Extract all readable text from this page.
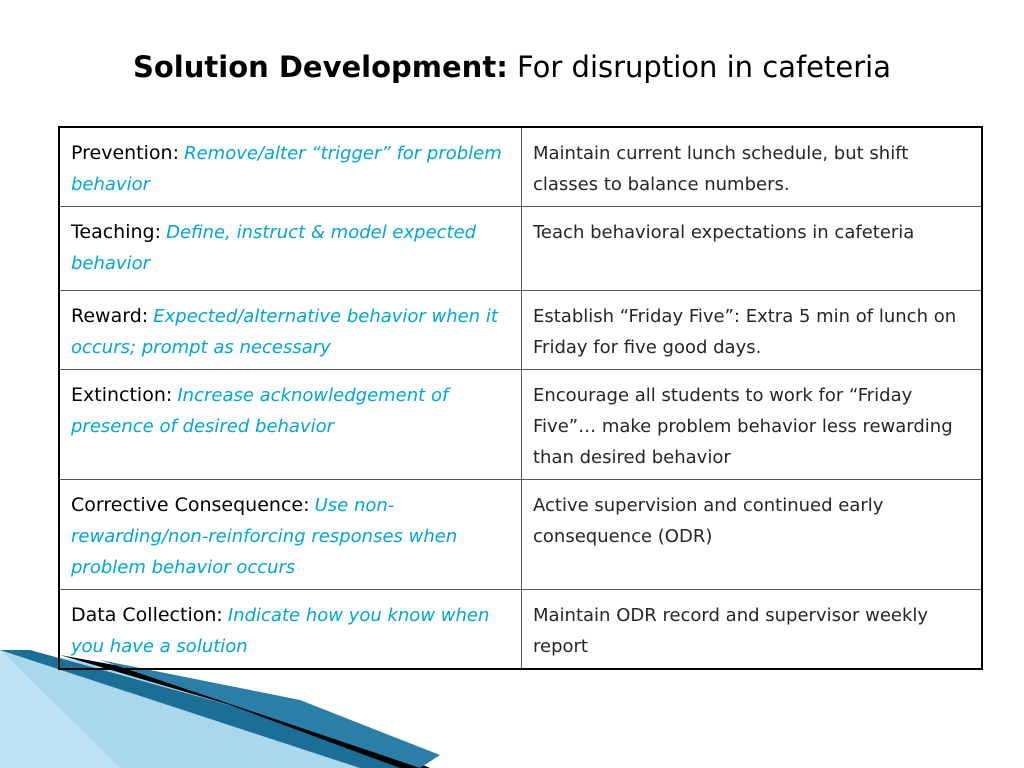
Solution Development: For disruption in cafeteria
Prevention: Remove/alter “trigger” for problem behavior	Maintain current lunch schedule, but shift classes to balance numbers.
Teaching: Define, instruct & model expected behavior	Teach behavioral expectations in cafeteria
Reward: Expected/alternative behavior when it occurs; prompt as necessary	Establish “Friday Five”: Extra 5 min of lunch on Friday for five good days.
Extinction: Increase acknowledgement of presence of desired behavior	Encourage all students to work for “Friday Five”… make problem behavior less rewarding than desired behavior
Corrective Consequence: Use non-rewarding/non-reinforcing responses when problem behavior occurs	Active supervision and continued early consequence (ODR)
Data Collection: Indicate how you know when you have a solution	Maintain ODR record and supervisor weekly report
